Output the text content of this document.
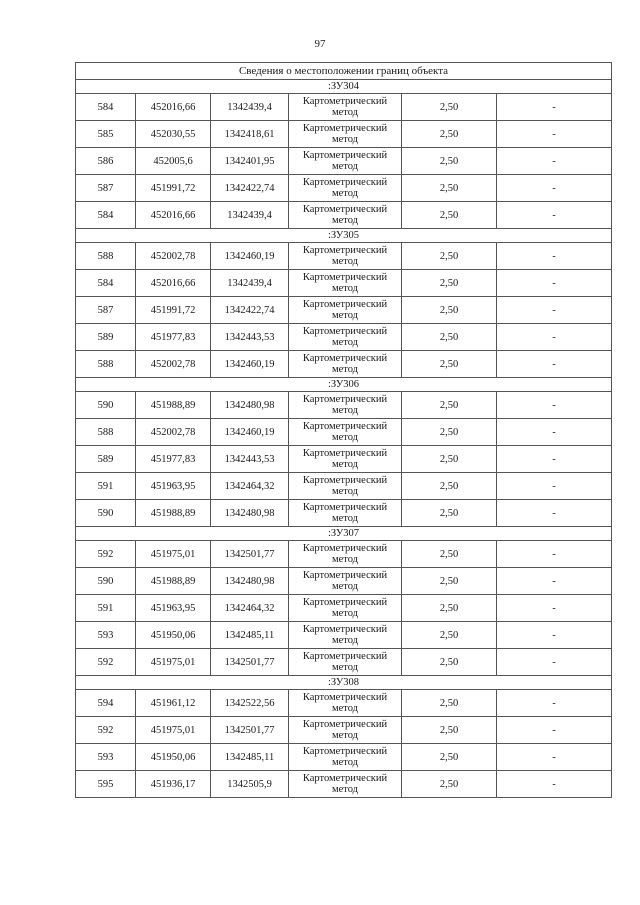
97
Сведения о местоположении границ объекта					
:ЗУ304					
584	452016,66	1342439,4	Картометрический
метод	2,50	-
585	452030,55	1342418,61	Картометрический
метод	2,50	-
586	452005,6	1342401,95	Картометрический
метод	2,50	-
587	451991,72	1342422,74	Картометрический
метод	2,50	-
584	452016,66	1342439,4	Картометрический
метод	2,50	-
:ЗУ305					
588	452002,78	1342460,19	Картометрический
метод	2,50	-
584	452016,66	1342439,4	Картометрический
метод	2,50	-
587	451991,72	1342422,74	Картометрический
метод	2,50	-
589	451977,83	1342443,53	Картометрический
метод	2,50	-
588	452002,78	1342460,19	Картометрический
метод	2,50	-
:ЗУ306					
590	451988,89	1342480,98	Картометрический
метод	2,50	-
588	452002,78	1342460,19	Картометрический
метод	2,50	-
589	451977,83	1342443,53	Картометрический
метод	2,50	-
591	451963,95	1342464,32	Картометрический
метод	2,50	-
590	451988,89	1342480,98	Картометрический
метод	2,50	-
:ЗУ307					
592	451975,01	1342501,77	Картометрический
метод	2,50	-
590	451988,89	1342480,98	Картометрический
метод	2,50	-
591	451963,95	1342464,32	Картометрический
метод	2,50	-
593	451950,06	1342485,11	Картометрический
метод	2,50	-
592	451975,01	1342501,77	Картометрический
метод	2,50	-
:ЗУ308					
594	451961,12	1342522,56	Картометрический
метод	2,50	-
592	451975,01	1342501,77	Картометрический
метод	2,50	-
593	451950,06	1342485,11	Картометрический
метод	2,50	-
595	451936,17	1342505,9	Картометрический
метод	2,50	-
